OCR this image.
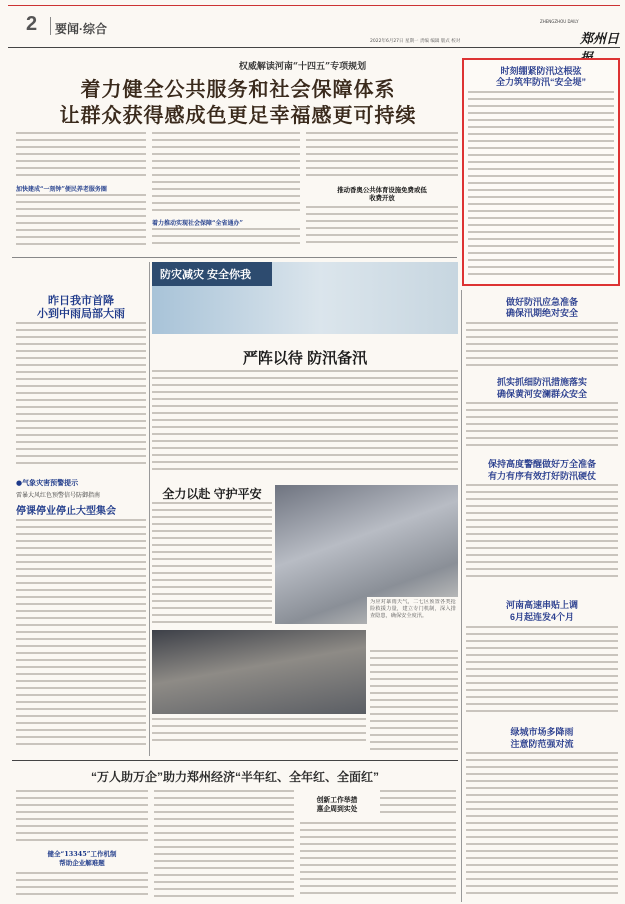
2 要闻·综合
2022年6月27日 星期一 责编 编辑 版式 校对
ZHENGZHOU DAILY
郑州日
权威解读河南“十四五”专项规划
着力健全公共服务和社会保障体系
让群众获得感成色更足幸福感更可持续
加快建成“一刻钟”便民养老服务圈
着力推动实现社会保障“全省通办”
推动香奥公共体育设施免费或低收费开放
时刻绷紧防汛这根弦
全力筑牢防汛“安全堤”
做好防汛应急准备
确保汛期绝对安全
抓实抓细防汛措施落实
确保黄河安澜群众安全
保持高度警醒做好万全准备
有力有序有效打好防汛硬仗
河南高速串贴上调
6月起连发4个月
绿城市场多降雨
注意防范强对流
昨日我市首降
小到中雨局部大雨
●气象灾害预警提示
雷暴大风红色预警信号防御指南
停课停业停止大型集会
防灾减灾 安全你我
严阵以待 防汛备汛
全力以赴 守护平安
为应对暴雨天气，二七区预置各类抢险救援力量，建立专门机制，深入排查隐患，确保安全度汛。
“万人助万企”助力郑州经济“半年红、全年红、全面红”
健全“13345”工作机制
帮助企业解难题
创新工作举措
惠企周到实处
